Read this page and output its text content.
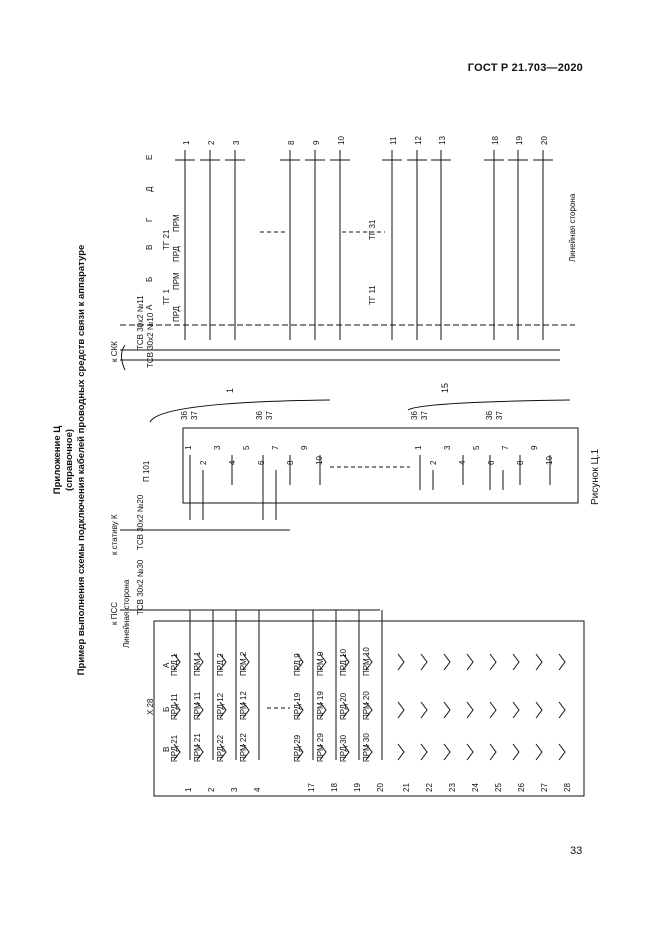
ГОСТ Р 21.703—2020
Приложение Ц (справочное) Пример выполнения схемы подключения кабелей проводных средств связи к аппаратуре	к ПСС Линейная сторона ТСВ 30х2 №30
Х 28
В
Б
А
1
ПРД 21
ПРД 11
ПРД 1
2
ПРМ 21
ПРМ 11
ПРМ 1
3
ПРД 22
ПРД 12
ПРД 2
4
ПРМ 22
ПРМ 12
ПРМ 2
17
ПРД 29
ПРД 19
ПРД 9
18
ПРМ 29
ПРМ 19
ПРМ 9
19
ПРД 30
ПРД 20
ПРД 10
20
ПРМ 30
ПРМ 20
ПРМ 10
21 22 23 24 25 26 27 28
к стативу К ТСВ 30х2 №20
П 101
1
36 37	36 37
1
2
3
4
5
6
7
8
9
10
15
36 37	36 37
1
2
3
4
5
6
7
8
9
10
к СКК
ТСВ 30х2 №11 ТСВ 30х2 №10
Линейная сторона
А
Б
В
Г
Д
Е
ПРД
ПРМ
ПРД
ПРМ
ТГ 1
ТГ 21
ТГ 11
ТГ 31
1 2 3	8 9 10	11 12 13	18 19 20
Рисунок Ц.1
33
